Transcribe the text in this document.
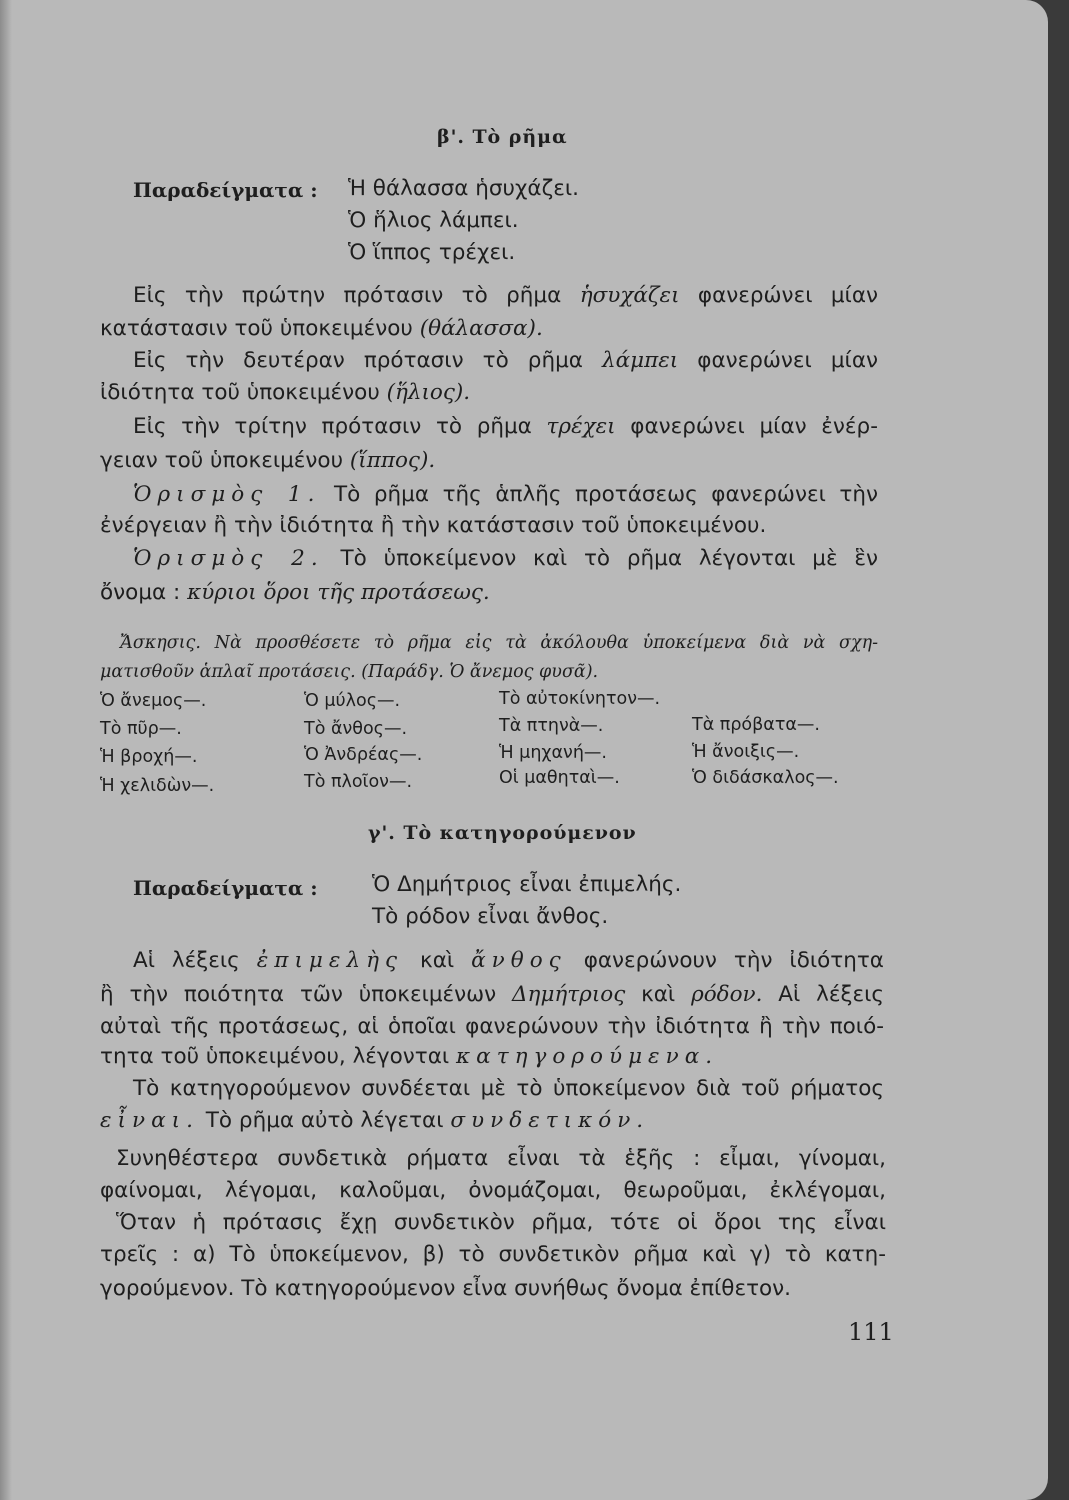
β'. Τὸ ρῆμα
Παραδείγματα : Ἡ θάλασσα ἡσυχάζει.
Ὁ ἥλιος λάμπει.
Ὁ ἵππος τρέχει.
Εἰς τὴν πρώτην πρότασιν τὸ ρῆμα ἡσυχάζει φανερώνει μίαν
κατάστασιν τοῦ ὑποκειμένου (θάλασσα).
Εἰς τὴν δευτέραν πρότασιν τὸ ρῆμα λάμπει φανερώνει μίαν
ἰδιότητα τοῦ ὑποκειμένου (ἥλιος).
Εἰς τὴν τρίτην πρότασιν τὸ ρῆμα τρέχει φανερώνει μίαν ἐνέρ-
γειαν τοῦ ὑποκειμένου (ἵππος).
Ὁρισμὸς 1. Τὸ ρῆμα τῆς ἁπλῆς προτάσεως φανερώνει τὴν
ἐνέργειαν ἢ τὴν ἰδιότητα ἢ τὴν κατάστασιν τοῦ ὑποκειμένου.
Ὁρισμὸς 2. Τὸ ὑποκείμενον καὶ τὸ ρῆμα λέγονται μὲ ἓν
ὄνομα : κύριοι ὅροι τῆς προτάσεως.
Ἄσκησις. Νὰ προσθέσετε τὸ ρῆμα εἰς τὰ ἀκόλουθα ὑποκείμενα διὰ νὰ σχη-
ματισθοῦν ἁπλαῖ προτάσεις. (Παράδγ. Ὁ ἄνεμος φυσᾶ).
Ὁ ἄνεμος—.
Τὸ πῦρ—.
Ἡ βροχή—.
Ἡ χελιδὼν—.
Ὁ μύλος—.
Τὸ ἄνθος—.
Ὁ Ἀνδρέας—.
Τὸ πλοῖον—.
Τὸ αὐτοκίνητον—.
Τὰ πτηνὰ—.
Ἡ μηχανή—.
Οἱ μαθηταὶ—.
Τὰ πρόβατα—.
Ἡ ἄνοιξις—.
Ὁ διδάσκαλος—.
γ'. Τὸ κατηγορούμενον
Παραδείγματα :	Ὁ Δημήτριος εἶναι ἐπιμελής.
Τὸ ρόδον εἶναι ἄνθος.
Αἱ λέξεις ἐπιμελὴς καὶ ἄνθος φανερώνουν τὴν ἰδιότητα
ἢ τὴν ποιότητα τῶν ὑποκειμένων Δημήτριος καὶ ρόδον. Αἱ λέξεις
αὐταὶ τῆς προτάσεως, αἱ ὁποῖαι φανερώνουν τὴν ἰδιότητα ἢ τὴν ποιό-
τητα τοῦ ὑποκειμένου, λέγονται κατηγορούμενα.
Τὸ κατηγορούμενον συνδέεται μὲ τὸ ὑποκείμενον διὰ τοῦ ρήματος
εἶναι. Τὸ ρῆμα αὐτὸ λέγεται συνδετικόν.
Συνηθέστερα συνδετικὰ ρήματα εἶναι τὰ ἑξῆς : εἶμαι, γίνομαι,
φαίνομαι, λέγομαι, καλοῦμαι, ὀνομάζομαι, θεωροῦμαι, ἐκλέγομαι,
Ὅταν ἡ πρότασις ἔχῃ συνδετικὸν ρῆμα, τότε οἱ ὅροι της εἶναι
τρεῖς : α) Τὸ ὑποκείμενον, β) τὸ συνδετικὸν ρῆμα καὶ γ) τὸ κατη-
γορούμενον. Τὸ κατηγορούμενον εἶνα συνήθως ὄνομα ἐπίθετον.
111
